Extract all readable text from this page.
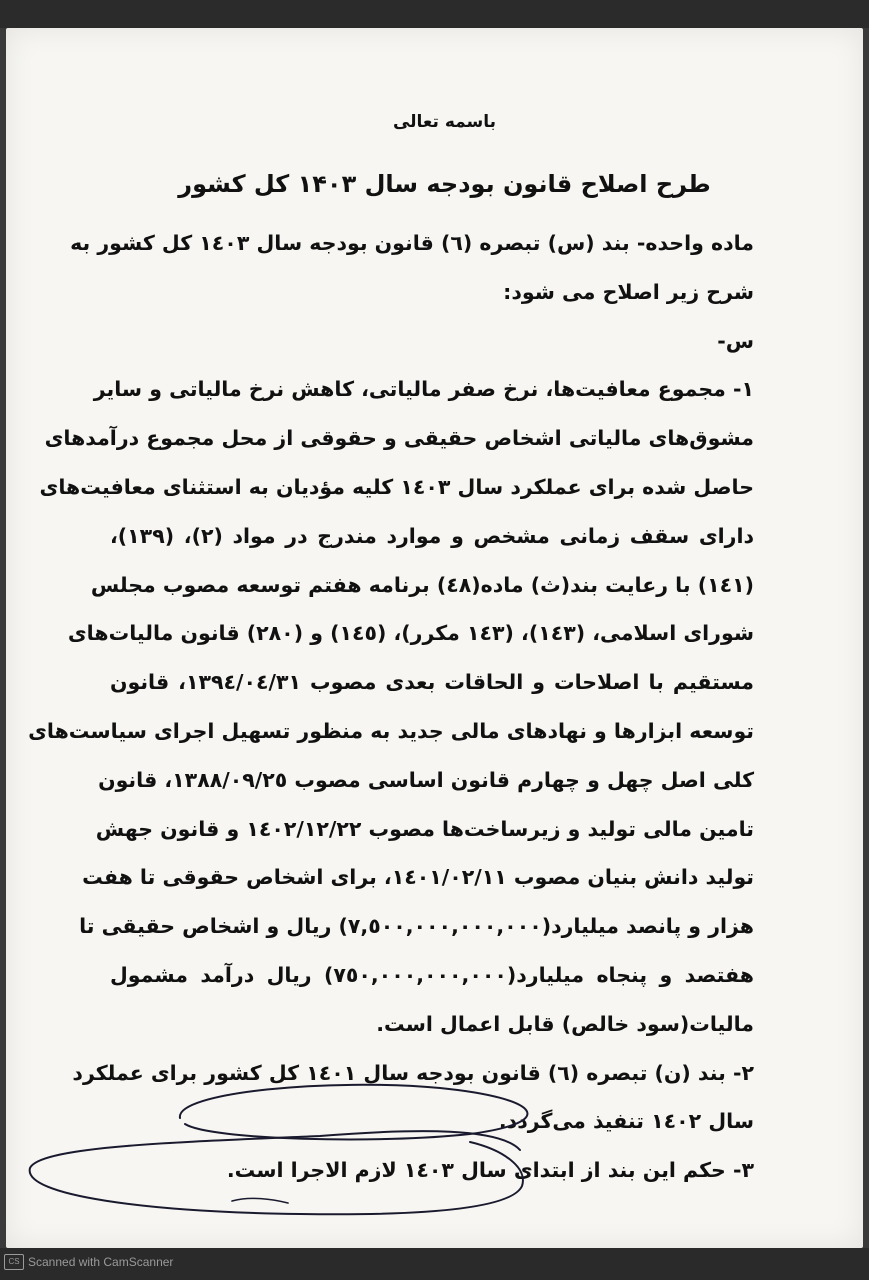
باسمه تعالی
طرح اصلاح قانون بودجه سال ۱۴۰۳ کل کشور
ماده واحده- بند (س) تبصره (٦) قانون بودجه سال ١٤٠٣ کل کشور به
شرح زیر اصلاح می شود:
س-
١- مجموع معافیت‌ها، نرخ صفر مالیاتی، کاهش نرخ مالیاتی و سایر
مشوق‌های مالیاتی اشخاص حقیقی و حقوقی از محل مجموع درآمدهای
حاصل شده برای عملکرد سال ١٤٠٣ کلیه مؤدیان به استثنای معافیت‌های
دارای سقف زمانی مشخص و موارد مندرج در مواد (٢)، (١٣٩)،
(١٤١) با رعایت بند(ث) ماده(٤٨) برنامه هفتم توسعه مصوب مجلس
شورای اسلامی، (١٤٣)، (١٤٣ مکرر)، (١٤٥) و (٢٨٠) قانون مالیات‌های
مستقیم با اصلاحات و الحاقات بعدی مصوب ١٣٩٤/٠٤/٣١، قانون
توسعه ابزارها و نهادهای مالی جدید به منظور تسهیل اجرای سیاست‌های
کلی اصل چهل و چهارم قانون اساسی مصوب ١٣٨٨/٠٩/٢٥، قانون
تامین مالی تولید و زیرساخت‌ها مصوب ١٤٠٢/١٢/٢٢ و قانون جهش
تولید دانش بنیان مصوب ١٤٠١/٠٢/١١، برای اشخاص حقوقی تا هفت
هزار و پانصد میلیارد(٧,٥٠٠,٠٠٠,٠٠٠,٠٠٠) ریال و اشخاص حقیقی تا
هفتصد و پنجاه میلیارد(٧٥٠,٠٠٠,٠٠٠,٠٠٠) ریال درآمد مشمول
مالیات(سود خالص) قابل اعمال است.
٢- بند (ن) تبصره (٦) قانون بودجه سال ١٤٠١ کل کشور برای عملکرد
سال ١٤٠٢ تنفیذ می‌گردد.
٣- حکم این بند از ابتدای سال ١٤٠٣ لازم الاجرا است.
CS Scanned with CamScanner
